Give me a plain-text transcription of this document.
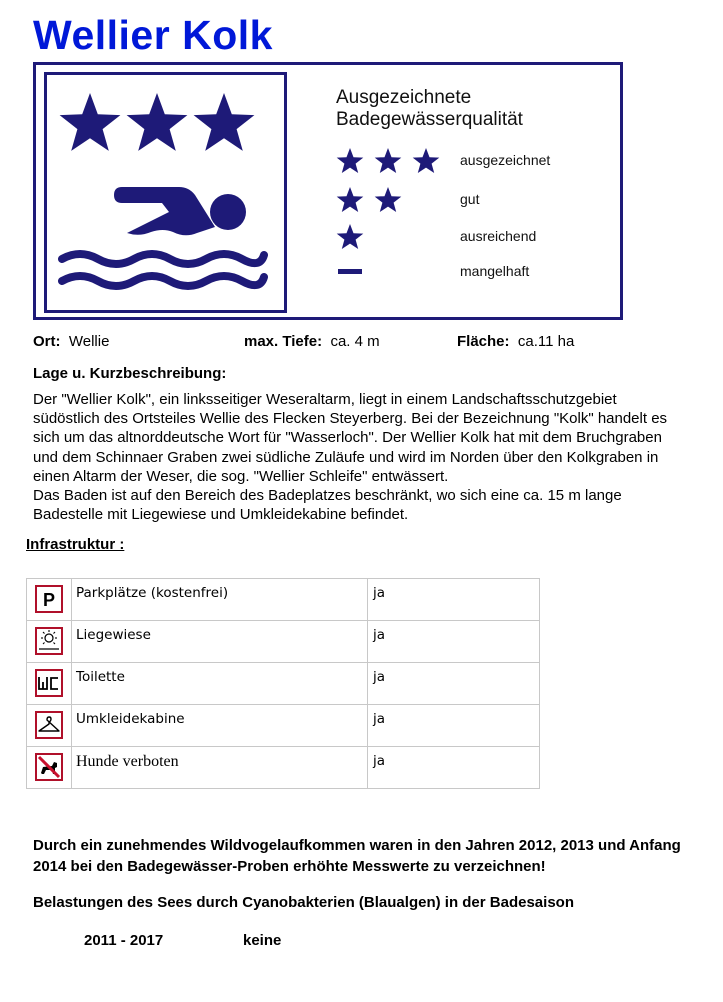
Wellier Kolk
Ausgezeichnete
Badegewässerqualität
ausgezeichnet
gut
ausreichend
mangelhaft
Ort: Wellie	max. Tiefe: ca. 4 m	Fläche: ca.11 ha
Lage u. Kurzbeschreibung:
Der "Wellier Kolk", ein linksseitiger Weseraltarm, liegt in einem Landschaftsschutzgebiet
südöstlich des Ortsteiles Wellie des Flecken Steyerberg. Bei der Bezeichnung "Kolk" handelt es
sich um das altnorddeutsche Wort für "Wasserloch". Der Wellier Kolk hat mit dem Bruchgraben
und dem Schinnaer Graben zwei südliche Zuläufe und wird im Norden über den Kolkgraben in
einen Altarm der Weser, die sog. "Wellier Schleife" entwässert.
Das Baden ist auf den Bereich des Badeplatzes beschränkt, wo sich eine ca. 15 m lange
Badestelle mit Liegewiese und Umkleidekabine befindet.
Infrastruktur :
P	Parkplätze (kostenfrei)	ja
	Liegewiese	ja
	Toilette	ja
	Umkleidekabine	ja
	Hunde verboten	ja
Durch ein zunehmendes Wildvogelaufkommen waren in den Jahren 2012, 2013 und Anfang 2014 bei den Badegewässer-Proben erhöhte Messwerte zu verzeichnen!
Belastungen des Sees durch Cyanobakterien (Blaualgen) in der Badesaison
2011 - 2017	keine
